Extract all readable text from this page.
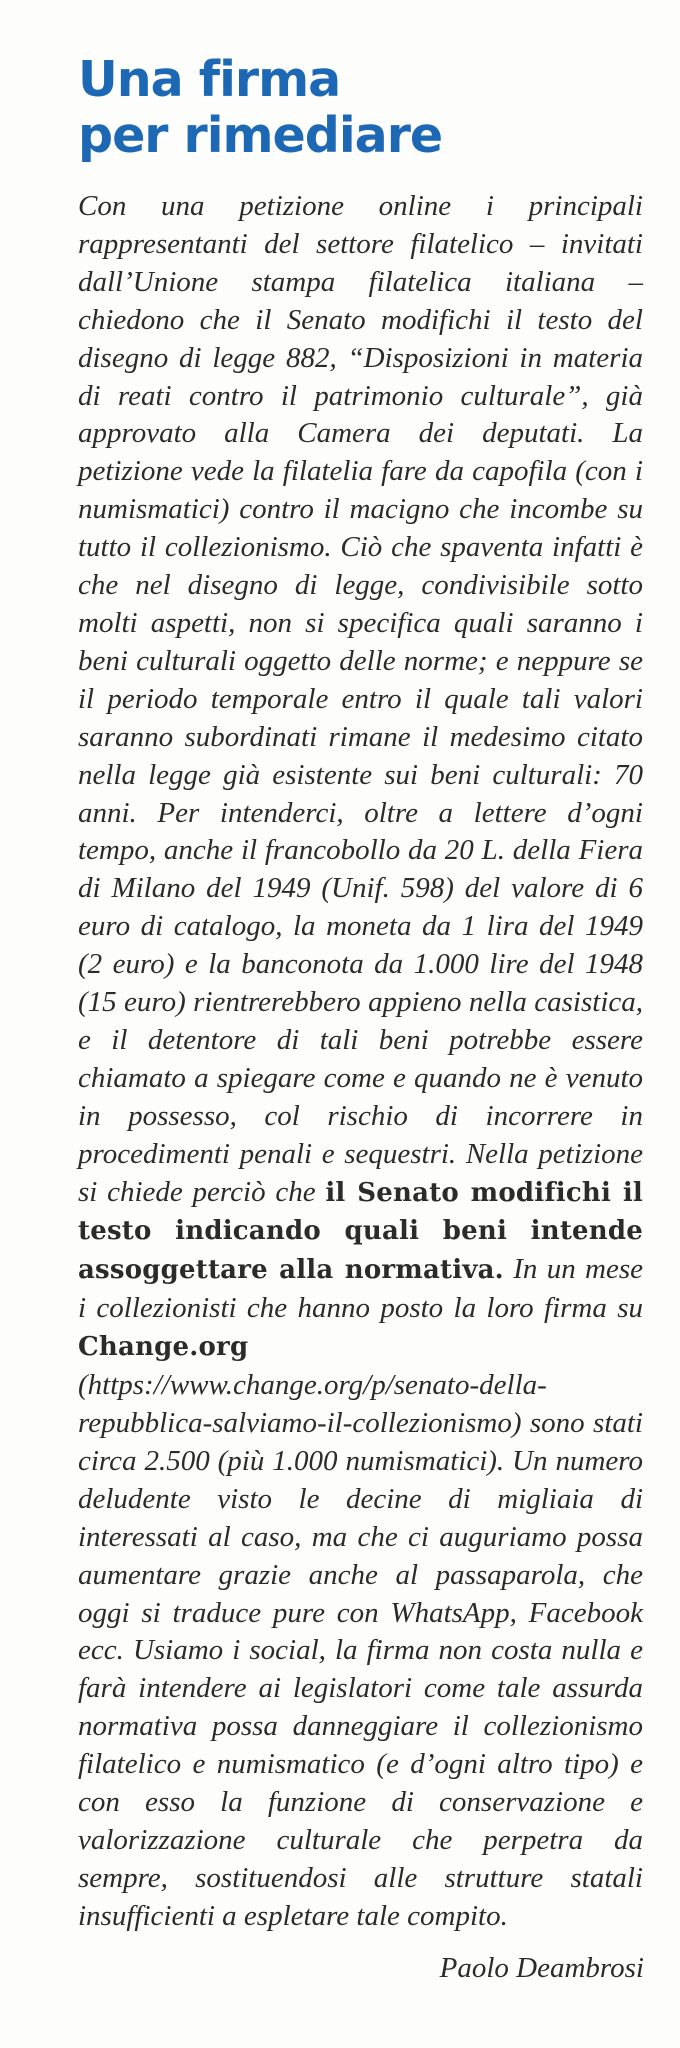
Una firma
per rimediare
Con una petizione online i principali rappresentanti del settore filatelico – invitati dall’Unione stampa filatelica italiana – chiedono che il Senato modifichi il testo del disegno di legge 882, “Disposizioni in materia di reati contro il patrimonio culturale”, già approvato alla Camera dei deputati. La petizione vede la filatelia fare da capofila (con i numismatici) contro il macigno che incombe su tutto il collezionismo. Ciò che spaventa infatti è che nel disegno di legge, condivisibile sotto molti aspetti, non si specifica quali saranno i beni culturali oggetto delle norme; e neppure se il periodo temporale entro il quale tali valori saranno subordinati rimane il medesimo citato nella legge già esistente sui beni culturali: 70 anni. Per intenderci, oltre a lettere d’ogni tempo, anche il francobollo da 20 L. della Fiera di Milano del 1949 (Unif. 598) del valore di 6 euro di catalogo, la moneta da 1 lira del 1949 (2 euro) e la banconota da 1.000 lire del 1948 (15 euro) rientrerebbero appieno nella casistica, e il detentore di tali beni potrebbe essere chiamato a spiegare come e quando ne è venuto in possesso, col rischio di incorrere in procedimenti penali e sequestri. Nella petizione si chiede perciò che il Senato modifichi il testo indicando quali beni intende assoggettare alla normativa. In un mese i collezionisti che hanno posto la loro firma su Change.org (https://www.change.org/p/senato-della-repubblica-salviamo-il-collezionismo) sono stati circa 2.500 (più 1.000 numismatici). Un numero deludente visto le decine di migliaia di interessati al caso, ma che ci auguriamo possa aumentare grazie anche al passaparola, che oggi si traduce pure con WhatsApp, Facebook ecc. Usiamo i social, la firma non costa nulla e farà intendere ai legislatori come tale assurda normativa possa danneggiare il collezionismo filatelico e numismatico (e d’ogni altro tipo) e con esso la funzione di conservazione e valorizzazione culturale che perpetra da sempre, sostituendosi alle strutture statali insufficienti a espletare tale compito.
Paolo Deambrosi
